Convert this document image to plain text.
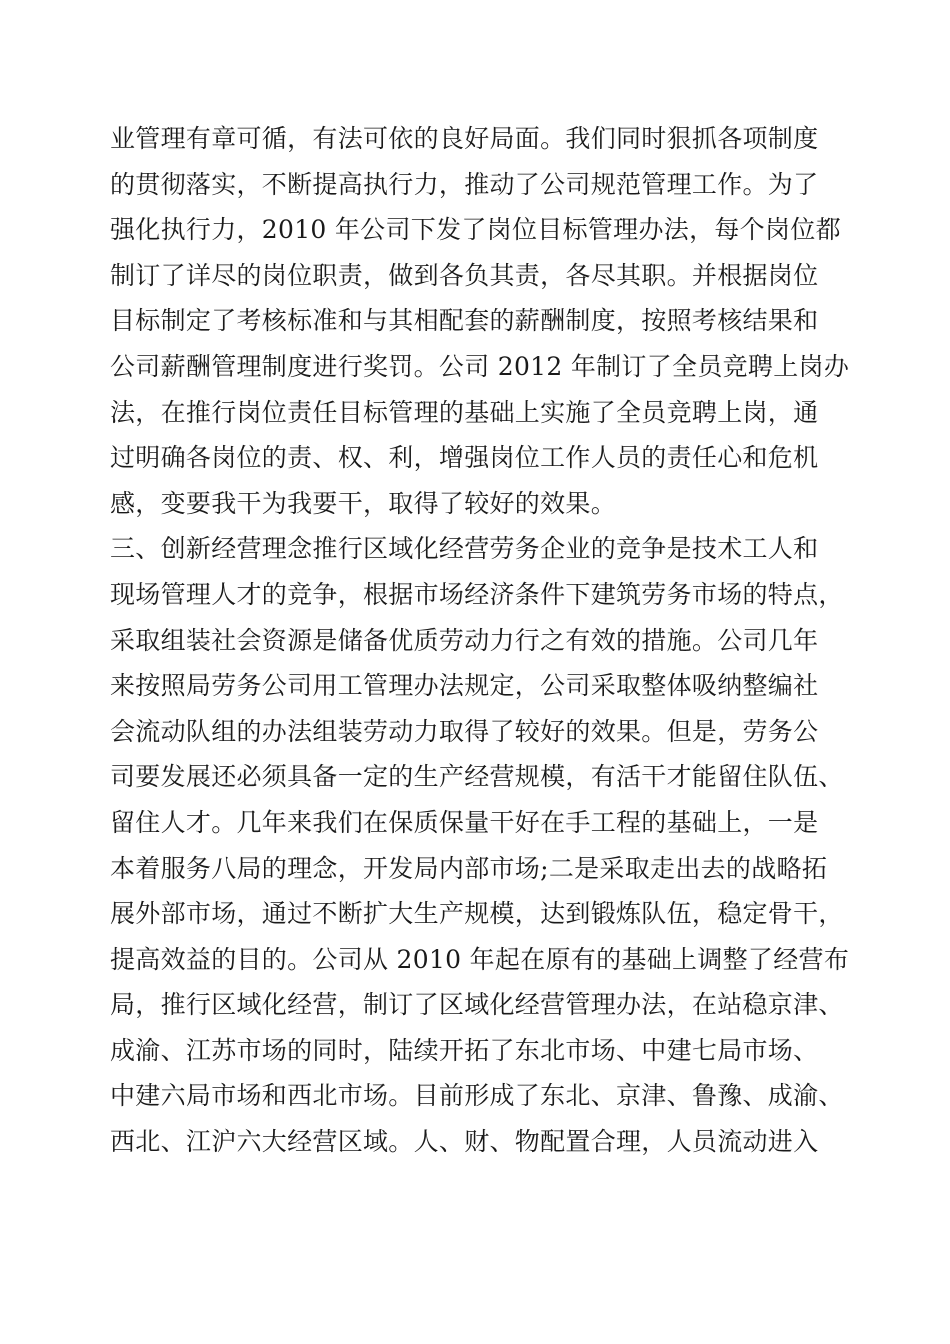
业管理有章可循，有法可依的良好局面。我们同时狠抓各项制度
的贯彻落实，不断提高执行力，推动了公司规范管理工作。为了
强化执行力，2010 年公司下发了岗位目标管理办法，每个岗位都
制订了详尽的岗位职责，做到各负其责，各尽其职。并根据岗位
目标制定了考核标准和与其相配套的薪酬制度，按照考核结果和
公司薪酬管理制度进行奖罚。公司 2012 年制订了全员竞聘上岗办
法，在推行岗位责任目标管理的基础上实施了全员竞聘上岗，通
过明确各岗位的责、权、利，增强岗位工作人员的责任心和危机
感，变要我干为我要干，取得了较好的效果。
三、创新经营理念推行区域化经营劳务企业的竞争是技术工人和
现场管理人才的竞争，根据市场经济条件下建筑劳务市场的特点，
采取组装社会资源是储备优质劳动力行之有效的措施。公司几年
来按照局劳务公司用工管理办法规定，公司采取整体吸纳整编社
会流动队组的办法组装劳动力取得了较好的效果。但是，劳务公
司要发展还必须具备一定的生产经营规模，有活干才能留住队伍、
留住人才。几年来我们在保质保量干好在手工程的基础上，一是
本着服务八局的理念，开发局内部市场;二是采取走出去的战略拓
展外部市场，通过不断扩大生产规模，达到锻炼队伍，稳定骨干，
提高效益的目的。公司从 2010 年起在原有的基础上调整了经营布
局，推行区域化经营，制订了区域化经营管理办法，在站稳京津、
成渝、江苏市场的同时，陆续开拓了东北市场、中建七局市场、
中建六局市场和西北市场。目前形成了东北、京津、鲁豫、成渝、
西北、江沪六大经营区域。人、财、物配置合理，人员流动进入
